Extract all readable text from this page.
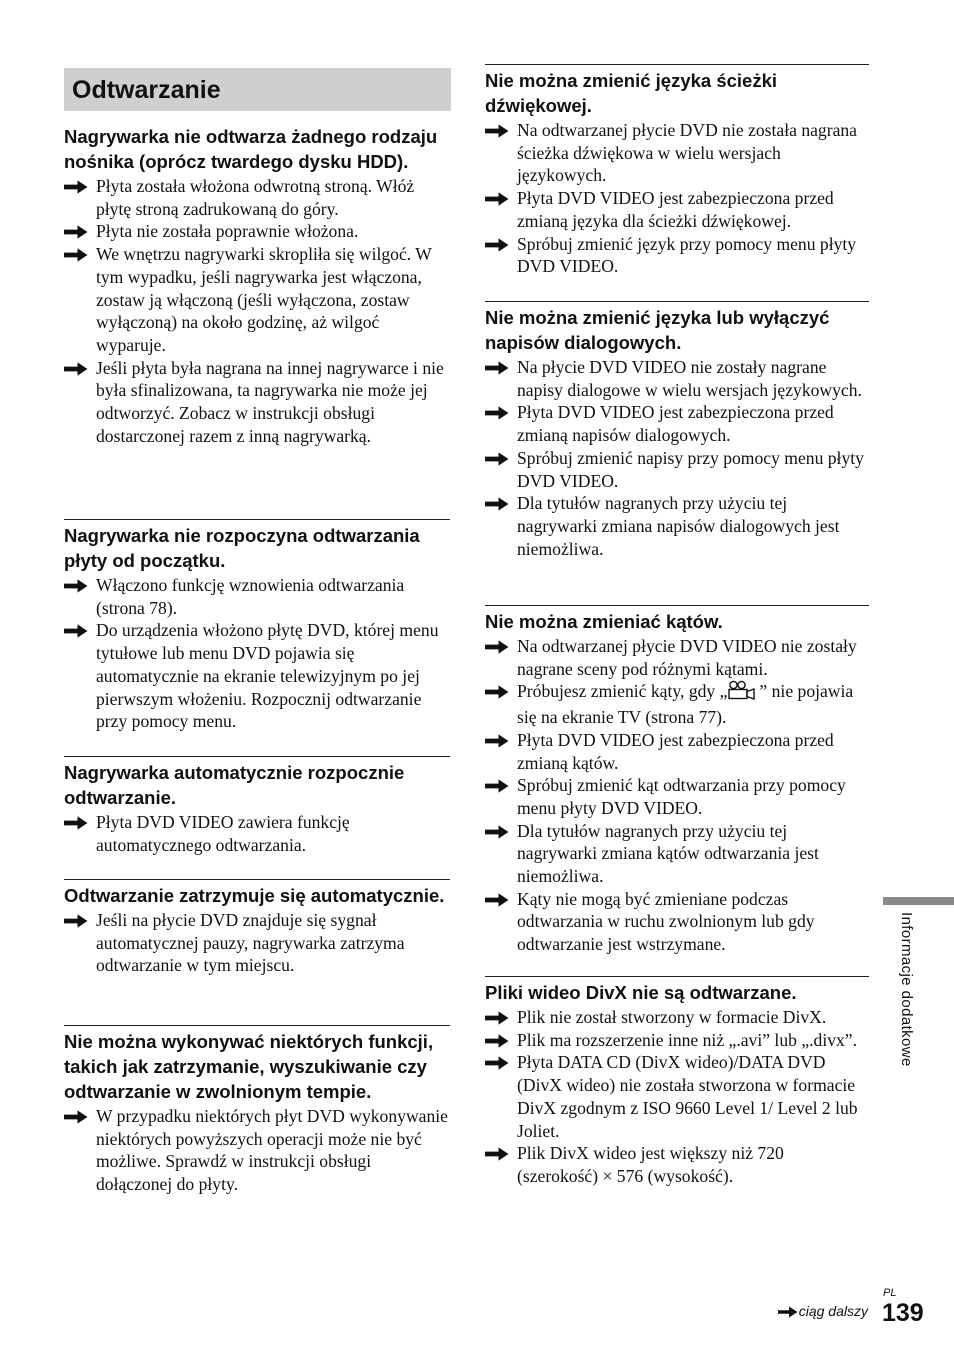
Odtwarzanie
Nagrywarka nie odtwarza żadnego rodzaju nośnika (oprócz twardego dysku HDD).
Płyta została włożona odwrotną stroną. Włóż płytę stroną zadrukowaną do góry.
Płyta nie została poprawnie włożona.
We wnętrzu nagrywarki skropliła się wilgoć. W tym wypadku, jeśli nagrywarka jest włączona, zostaw ją włączoną (jeśli wyłączona, zostaw wyłączoną) na około godzinę, aż wilgoć wyparuje.
Jeśli płyta była nagrana na innej nagrywarce i nie była sfinalizowana, ta nagrywarka nie może jej odtworzyć. Zobacz w instrukcji obsługi dostarczonej razem z inną nagrywarką.
Nagrywarka nie rozpoczyna odtwarzania płyty od początku.
Włączono funkcję wznowienia odtwarzania (strona 78).
Do urządzenia włożono płytę DVD, której menu tytułowe lub menu DVD pojawia się automatycznie na ekranie telewizyjnym po jej pierwszym włożeniu. Rozpocznij odtwarzanie przy pomocy menu.
Nagrywarka automatycznie rozpocznie odtwarzanie.
Płyta DVD VIDEO zawiera funkcję automatycznego odtwarzania.
Odtwarzanie zatrzymuje się automatycznie.
Jeśli na płycie DVD znajduje się sygnał automatycznej pauzy, nagrywarka zatrzyma odtwarzanie w tym miejscu.
Nie można wykonywać niektórych funkcji, takich jak zatrzymanie, wyszukiwanie czy odtwarzanie w zwolnionym tempie.
W przypadku niektórych płyt DVD wykonywanie niektórych powyższych operacji może nie być możliwe. Sprawdź w instrukcji obsługi dołączonej do płyty.
Nie można zmienić języka ścieżki dźwiękowej.
Na odtwarzanej płycie DVD nie została nagrana ścieżka dźwiękowa w wielu wersjach językowych.
Płyta DVD VIDEO jest zabezpieczona przed zmianą języka dla ścieżki dźwiękowej.
Spróbuj zmienić język przy pomocy menu płyty DVD VIDEO.
Nie można zmienić języka lub wyłączyć napisów dialogowych.
Na płycie DVD VIDEO nie zostały nagrane napisy dialogowe w wielu wersjach językowych.
Płyta DVD VIDEO jest zabezpieczona przed zmianą napisów dialogowych.
Spróbuj zmienić napisy przy pomocy menu płyty DVD VIDEO.
Dla tytułów nagranych przy użyciu tej nagrywarki zmiana napisów dialogowych jest niemożliwa.
Nie można zmieniać kątów.
Na odtwarzanej płycie DVD VIDEO nie zostały nagrane sceny pod różnymi kątami.
Próbujesz zmienić kąty, gdy „ ” nie pojawia się na ekranie TV (strona 77).
Płyta DVD VIDEO jest zabezpieczona przed zmianą kątów.
Spróbuj zmienić kąt odtwarzania przy pomocy menu płyty DVD VIDEO.
Dla tytułów nagranych przy użyciu tej nagrywarki zmiana kątów odtwarzania jest niemożliwa.
Kąty nie mogą być zmieniane podczas odtwarzania w ruchu zwolnionym lub gdy odtwarzanie jest wstrzymane.
Pliki wideo DivX nie są odtwarzane.
Plik nie został stworzony w formacie DivX.
Plik ma rozszerzenie inne niż „.avi” lub „.divx”.
Płyta DATA CD (DivX wideo)/DATA DVD (DivX wideo) nie została stworzona w formacie DivX zgodnym z ISO 9660 Level 1/ Level 2 lub Joliet.
Plik DivX wideo jest większy niż 720 (szerokość) × 576 (wysokość).
Informacje dodatkowe
ciąg dalszy
PL
139
